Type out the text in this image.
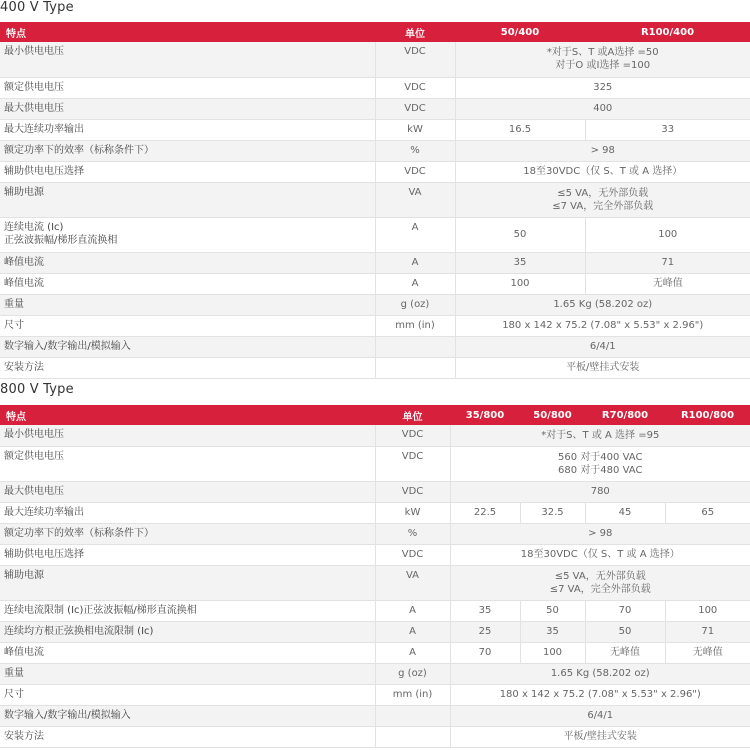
400 V Type
特点	单位	50/400	R100/400

最小供电电压	VDC	*对于S、T 或A选择 =50
对于O 或I选择 =100	

额定供电电压	VDC	325	

最大供电电压	VDC	400	

最大连续功率输出	kW	16.5	33

额定功率下的效率（标称条件下）	%	> 98	

辅助供电电压选择	VDC	18至30VDC（仅 S、T 或 A 选择）	

辅助电源	VA	≤5 VA，无外部负载
≤7 VA，完全外部负载	

连续电流 (Ic)
正弦波振幅/梯形直流换相	A	50	100

峰值电流	A	35	71

峰值电流	A	100	无峰值

重量	g (oz)	1.65 Kg (58.202 oz)	

尺寸	mm (in)	180 x 142 x 75.2 (7.08" x 5.53" x 2.96")	

数字输入/数字输出/模拟输入		6/4/1	

安装方法		平板/壁挂式安装	
800 V Type
特点	单位	35/800	50/800	R70/800	R100/800

最小供电电压	VDC	*对于S、T 或 A 选择 =95			

额定供电电压	VDC	560 对于400 VAC
680 对于480 VAC			

最大供电电压	VDC	780			

最大连续功率输出	kW	22.5	32.5	45	65

额定功率下的效率（标称条件下）	%	> 98			

辅助供电电压选择	VDC	18至30VDC（仅 S、T 或 A 选择）			

辅助电源	VA	≤5 VA，无外部负载
≤7 VA，完全外部负载			

连续电流限制 (Ic)正弦波振幅/梯形直流换相	A	35	50	70	100

连续均方根正弦换相电流限制 (Ic)	A	25	35	50	71

峰值电流	A	70	100	无峰值	无峰值

重量	g (oz)	1.65 Kg (58.202 oz)			

尺寸	mm (in)	180 x 142 x 75.2 (7.08" x 5.53" x 2.96")			

数字输入/数字输出/模拟输入		6/4/1			

安装方法		平板/壁挂式安装			
